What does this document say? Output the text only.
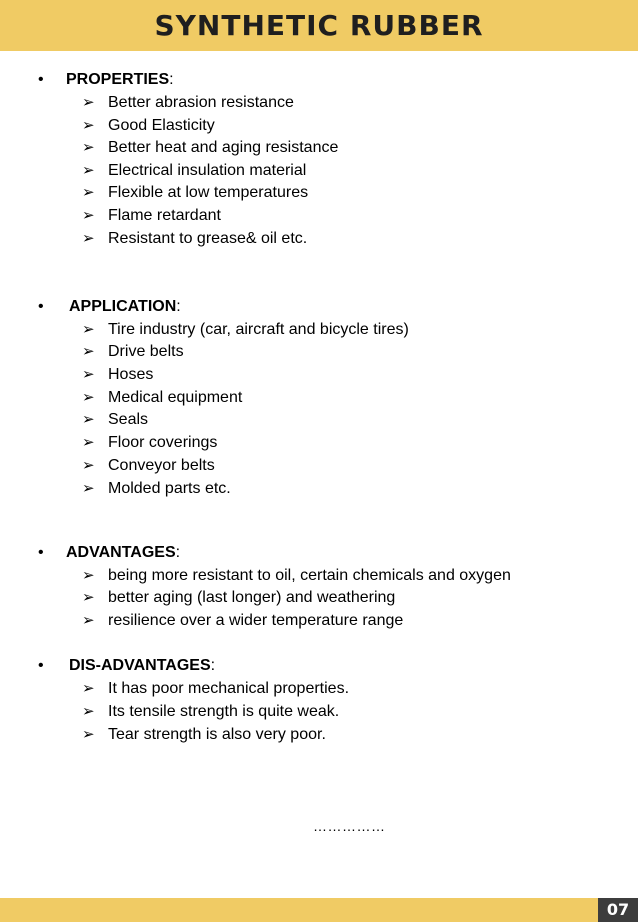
SYNTHETIC RUBBER
• PROPERTIES:
➢ Better abrasion resistance
➢ Good Elasticity
➢ Better heat and aging resistance
➢ Electrical insulation material
➢ Flexible at low temperatures
➢ Flame retardant
➢ Resistant to grease& oil etc.
• APPLICATION:
➢ Tire industry (car, aircraft and bicycle tires)
➢ Drive belts
➢ Hoses
➢ Medical equipment
➢ Seals
➢ Floor coverings
➢ Conveyor belts
➢ Molded parts etc.
• ADVANTAGES:
➢ being more resistant to oil, certain chemicals and oxygen
➢ better aging (last longer) and weathering
➢ resilience over a wider temperature range
• DIS-ADVANTAGES:
➢ It has poor mechanical properties.
➢ Its tensile strength is quite weak.
➢ Tear strength is also very poor.
……………
07
